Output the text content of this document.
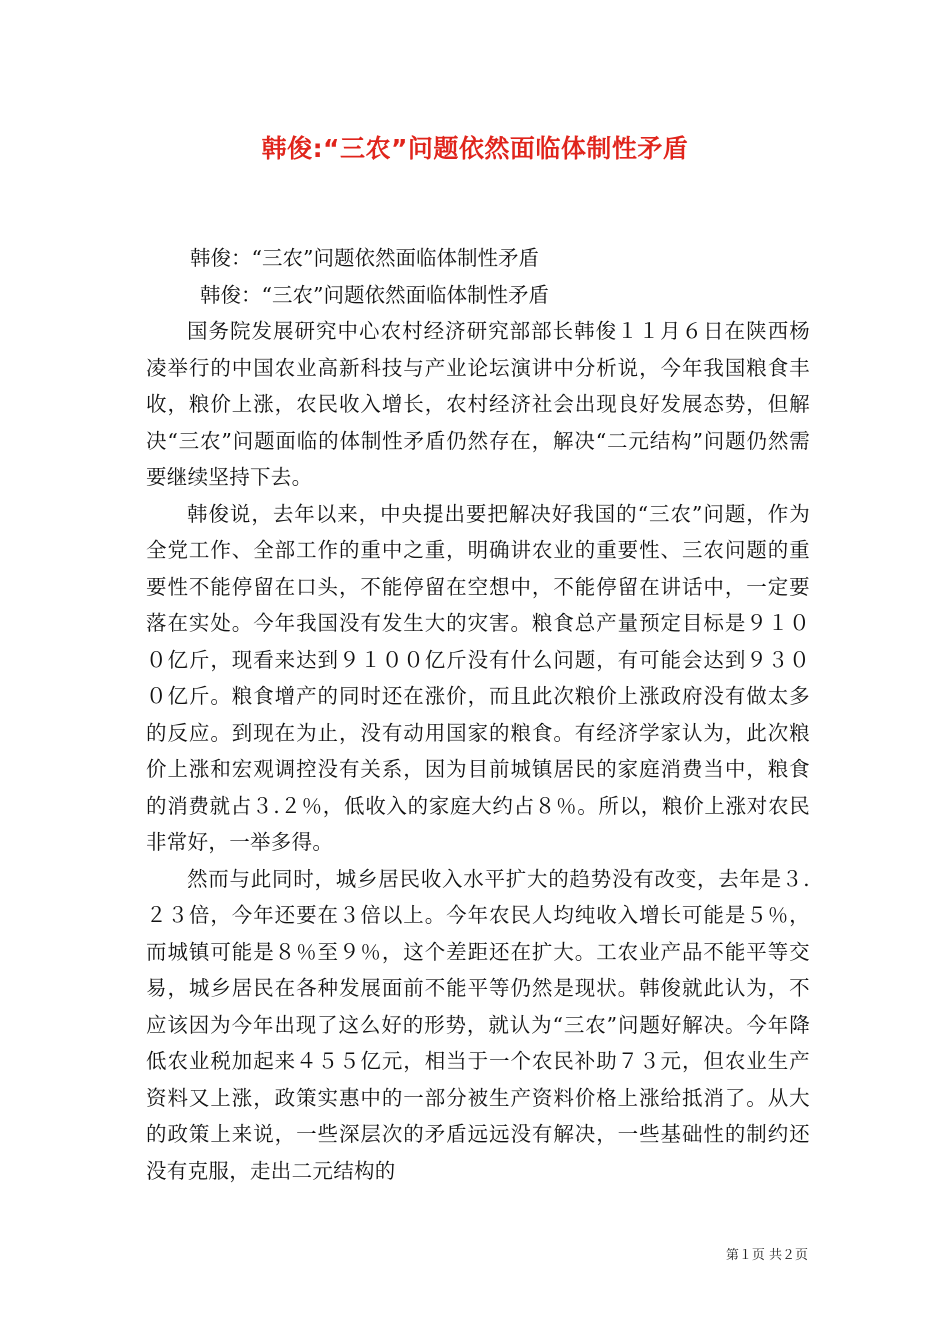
韩俊:“三农”问题依然面临体制性矛盾

韩俊：“三农”问题依然面临体制性矛盾

韩俊：“三农”问题依然面临体制性矛盾

国务院发展研究中心农村经济研究部部长韩俊１１月６日在陕西杨凌举行的中国农业高新科技与产业论坛演讲中分析说，今年我国粮食丰收，粮价上涨，农民收入增长，农村经济社会出现良好发展态势，但解决“三农”问题面临的体制性矛盾仍然存在，解决“二元结构”问题仍然需要继续坚持下去。

韩俊说，去年以来，中央提出要把解决好我国的“三农”问题，作为全党工作、全部工作的重中之重，明确讲农业的重要性、三农问题的重要性不能停留在口头，不能停留在空想中，不能停留在讲话中，一定要落在实处。今年我国没有发生大的灾害。粮食总产量预定目标是９１００亿斤，现看来达到９１００亿斤没有什么问题，有可能会达到９３００亿斤。粮食增产的同时还在涨价，而且此次粮价上涨政府没有做太多的反应。到现在为止，没有动用国家的粮食。有经济学家认为，此次粮价上涨和宏观调控没有关系，因为目前城镇居民的家庭消费当中，粮食的消费就占３.２％，低收入的家庭大约占８％。所以，粮价上涨对农民非常好，一举多得。

然而与此同时，城乡居民收入水平扩大的趋势没有改变，去年是３.２３倍，今年还要在３倍以上。今年农民人均纯收入增长可能是５％，而城镇可能是８％至９％，这个差距还在扩大。工农业产品不能平等交易，城乡居民在各种发展面前不能平等仍然是现状。韩俊就此认为，不应该因为今年出现了这么好的形势，就认为“三农”问题好解决。今年降低农业税加起来４５５亿元，相当于一个农民补助７３元，但农业生产资料又上涨，政策实惠中的一部分被生产资料价格上涨给抵消了。从大的政策上来说，一些深层次的矛盾远远没有解决，一些基础性的制约还没有克服，走出二元结构的

第１页 共２页
